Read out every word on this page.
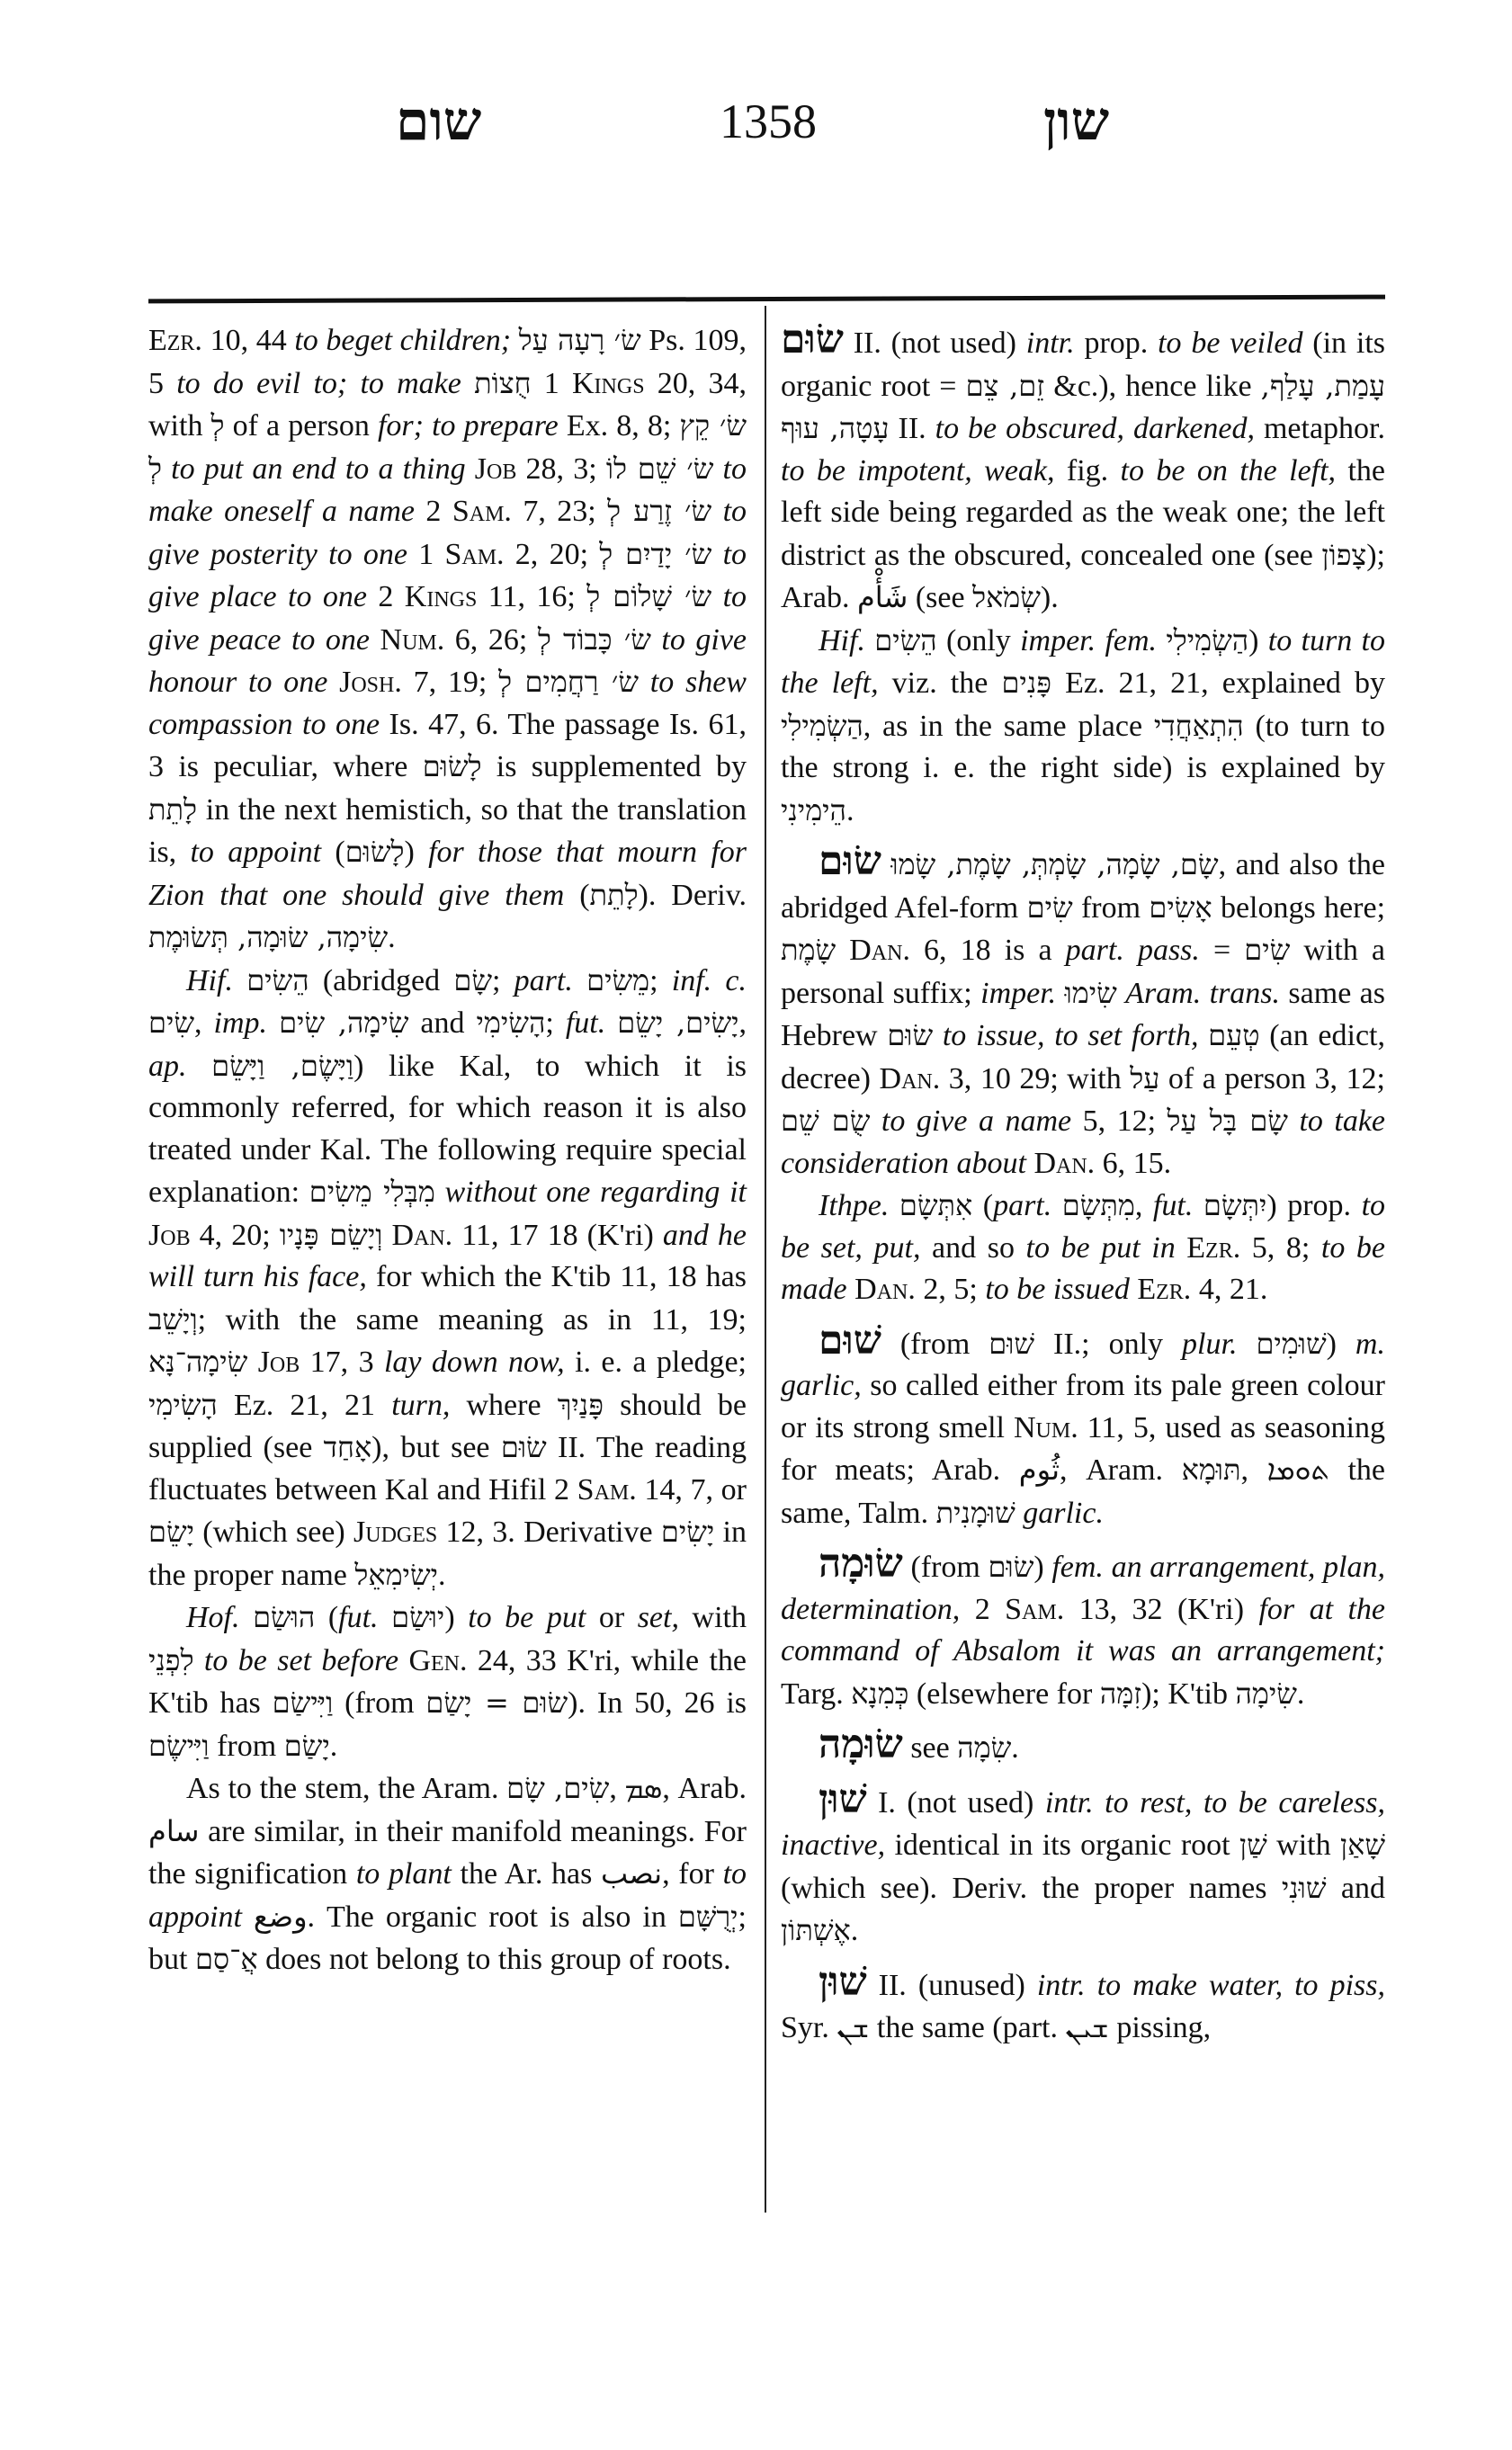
שום	1358	שון

Ezr. 10, 44 to beget children; שׂ׳ רָעָה עַל Ps. 109, 5 to do evil to; to make חֻצוֹת 1 Kings 20, 34, with לְ of a person for; to prepare Ex. 8, 8; שׂ׳ קֵץ לְ to put an end to a thing Job 28, 3; שׂ׳ שֵׁם לוֹ to make oneself a name 2 Sam. 7, 23; שׂ׳ זֶרַע לְ to give posterity to one 1 Sam. 2, 20; שׂ׳ יָדַיִם לְ to give place to one 2 Kings 11, 16; שׂ׳ שָׁלוֹם לְ to give peace to one Num. 6, 26; שׂ׳ כָּבוֹד לְ to give honour to one Josh. 7, 19; שׂ׳ רַחֲמִים לְ to shew compassion to one Is. 47, 6. The passage Is. 61, 3 is peculiar, where לָשׂוּם is supplemented by לָתֵת in the next hemistich, so that the translation is, to appoint (לָשׂוּם) for those that mourn for Zion that one should give them (לָתֵת). Deriv. שִׂימָה, שׂוּמָה, תְּשׂוּמֶת.

Hif. הֵשִׂים (abridged שָׂם; part. מֵשִׂים; inf. c. שִׂים, imp. שִׂימָה, שִׂים and הָשִׂימִי; fut. יָשִׂים, יָשֵׂם, ap. וַיָּשֶׂם, וַיָּשֵׂם) like Kal, to which it is commonly referred, for which reason it is also treated under Kal. The following require special explanation: מִבְּלִי מֵשִׂים without one regarding it Job 4, 20; וְיָשֵׂם פָּנָיו Dan. 11, 17 18 (K'ri) and he will turn his face, for which the K'tib 11, 18 has וְיָשֵׁב; with the same meaning as in 11, 19; שִׂימָה־נָּא Job 17, 3 lay down now, i. e. a pledge; הָשִׂימִי Ez. 21, 21 turn, where פָּנַיִךְ should be supplied (see אָחַד), but see שׂוּם II. The reading fluctuates between Kal and Hifil 2 Sam. 14, 7, or יָשֵׂם (which see) Judges 12, 3. Derivative יָשִׂים in the proper name יְשִׂימִאֵל.

Hof. הוּשַׂם (fut. יוּשַׂם) to be put or set, with לִפְנֵי to be set before Gen. 24, 33 K'ri, while the K'tib has וַיִּישַׂם (from שׂוּם = יָשַׂם). In 50, 26 is וַיִּישֶׂם from יָשַׂם.

As to the stem, the Aram. שִׂים, שָׂם, ܣܡ, Arab. سام are similar, in their manifold meanings. For the signification to plant the Ar. has نصب, for to appoint وضع. The organic root is also in יְרֻשָּׁם; but אֲ־סַם does not belong to this group of roots.

שׂוּם II. (not used) intr. prop. to be veiled (in its organic root = זֵם, צֵם &c.), hence like עָמַת, עָלַף, עָטָה, עוּף II. to be obscured, darkened, metaphor. to be impotent, weak, fig. to be on the left, the left side being regarded as the weak one; the left district as the obscured, concealed one (see צָפוֹן); Arab. شَأْم (see שְׂמֹאל).

Hif. הֵשִׂים (only imper. fem. הַשְׂמִילִי) to turn to the left, viz. the פָּנִים Ez. 21, 21, explained by הַשְׂמִילִי, as in the same place הִתְאַחֲדִי (to turn to the strong i. e. the right side) is explained by הֵימִינִי.

שׂוּם שָׂם, שָׂמָה, שָׂמְתְּ, שָׂמֶת, שָׂמוּ, and also the abridged Afel-form שִׂים from אָשִׂים belongs here; שָׂמֶת Dan. 6, 18 is a part. pass. = שִׂים with a personal suffix; imper. שִׂימוּ Aram. trans. same as Hebrew שׂוּם to issue, to set forth, טְעֵם (an edict, decree) Dan. 3, 10 29; with עַל of a person 3, 12; שֻׂם שֵׁם to give a name 5, 12; שָׂם בָּל עַל to take consideration about Dan. 6, 15.

Ithpe. אִתְּשָׂם (part. מִתְּשָׂם, fut. יִתְּשָׂם) prop. to be set, put, and so to be put in Ezr. 5, 8; to be made Dan. 2, 5; to be issued Ezr. 4, 21.

שׁוּם (from שׁוּם II.; only plur. שׁוּמִים) m. garlic, so called either from its pale green colour or its strong smell Num. 11, 5, used as seasoning for meats; Arab. ثُوم, Aram. תּוּמָא, ܬܘܡܐ the same, Talm. שׁוּמָנִית garlic.

שׂוּמָה (from שׂוּם) fem. an arrangement, plan, determination, 2 Sam. 13, 32 (K'ri) for at the command of Absalom it was an arrangement; Targ. כְּמִנָא (elsewhere for זִמָּה); K'tib שִׂימָה.

שׂוּמָה see שִׂמָה.

שׁוּן I. (not used) intr. to rest, to be careless, inactive, identical in its organic root שַׁן with שָׁאַן (which see). Deriv. the proper names שׁוּנִי and אֶשְׁתּוֹן.

שׁוּן II. (unused) intr. to make water, to piss, Syr. ܫܢ the same (part. ܫܝܢ pissing,
